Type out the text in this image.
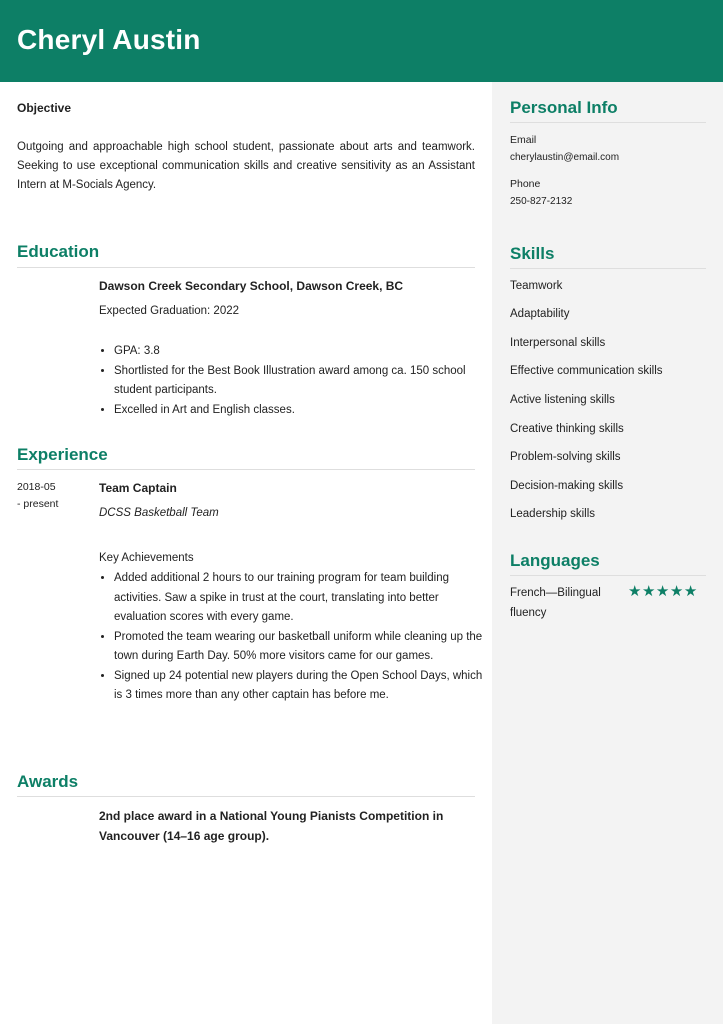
Cheryl Austin
Objective
Outgoing and approachable high school student, passionate about arts and teamwork. Seeking to use exceptional communication skills and creative sensitivity as an Assistant Intern at M-Socials Agency.
Education
Dawson Creek Secondary School, Dawson Creek, BC
Expected Graduation: 2022
• GPA: 3.8
• Shortlisted for the Best Book Illustration award among ca. 150 school student participants.
• Excelled in Art and English classes.
Experience
2018-05
- present
Team Captain
DCSS Basketball Team
Key Achievements
• Added additional 2 hours to our training program for team building activities. Saw a spike in trust at the court, translating into better evaluation scores with every game.
• Promoted the team wearing our basketball uniform while cleaning up the town during Earth Day. 50% more visitors came for our games.
• Signed up 24 potential new players during the Open School Days, which is 3 times more than any other captain has before me.
Awards
2nd place award in a National Young Pianists Competition in Vancouver (14–16 age group).
Personal Info
Email
cherylaustin@email.com
Phone
250-827-2132
Skills
Teamwork
Adaptability
Interpersonal skills
Effective communication skills
Active listening skills
Creative thinking skills
Problem-solving skills
Decision-making skills
Leadership skills
Languages
French—Bilingual fluency
★★★★★
